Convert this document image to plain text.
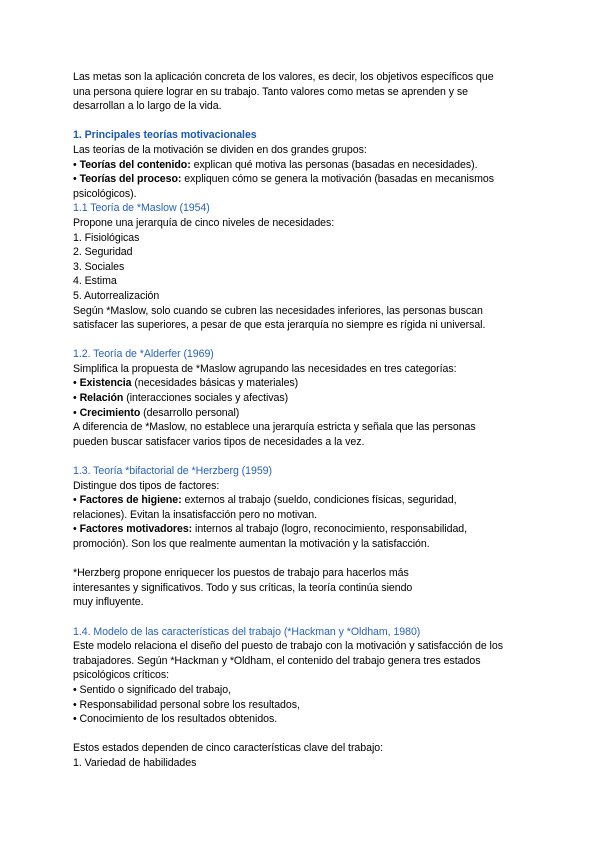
Las metas son la aplicación concreta de los valores, es decir, los objetivos específicos que
una persona quiere lograr en su trabajo. Tanto valores como metas se aprenden y se
desarrollan a lo largo de la vida.
1. Principales teorías motivacionales
Las teorías de la motivación se dividen en dos grandes grupos:
• Teorías del contenido: explican qué motiva las personas (basadas en necesidades).
• Teorías del proceso: expliquen cómo se genera la motivación (basadas en mecanismos
psicológicos).
1.1 Teoría de *Maslow (1954)
Propone una jerarquía de cinco niveles de necesidades:
1. Fisiológicas
2. Seguridad
3. Sociales
4. Estima
5. Autorrealización
Según *Maslow, solo cuando se cubren las necesidades inferiores, las personas buscan
satisfacer las superiores, a pesar de que esta jerarquía no siempre es rígida ni universal.
1.2. Teoría de *Alderfer (1969)
Simplifica la propuesta de *Maslow agrupando las necesidades en tres categorías:
• Existencia (necesidades básicas y materiales)
• Relación (interacciones sociales y afectivas)
• Crecimiento (desarrollo personal)
A diferencia de *Maslow, no establece una jerarquía estricta y señala que las personas
pueden buscar satisfacer varios tipos de necesidades a la vez.
1.3. Teoría *bifactorial de *Herzberg (1959)
Distingue dos tipos de factores:
• Factores de higiene: externos al trabajo (sueldo, condiciones físicas, seguridad,
relaciones). Evitan la insatisfacción pero no motivan.
• Factores motivadores: internos al trabajo (logro, reconocimiento, responsabilidad,
promoción). Son los que realmente aumentan la motivación y la satisfacción.
*Herzberg propone enriquecer los puestos de trabajo para hacerlos más
interesantes y significativos. Todo y sus críticas, la teoría continúa siendo
muy influyente.
1.4. Modelo de las características del trabajo (*Hackman y *Oldham, 1980)
Este modelo relaciona el diseño del puesto de trabajo con la motivación y satisfacción de los
trabajadores. Según *Hackman y *Oldham, el contenido del trabajo genera tres estados
psicológicos críticos:
• Sentido o significado del trabajo,
• Responsabilidad personal sobre los resultados,
• Conocimiento de los resultados obtenidos.
Estos estados dependen de cinco características clave del trabajo:
1. Variedad de habilidades
